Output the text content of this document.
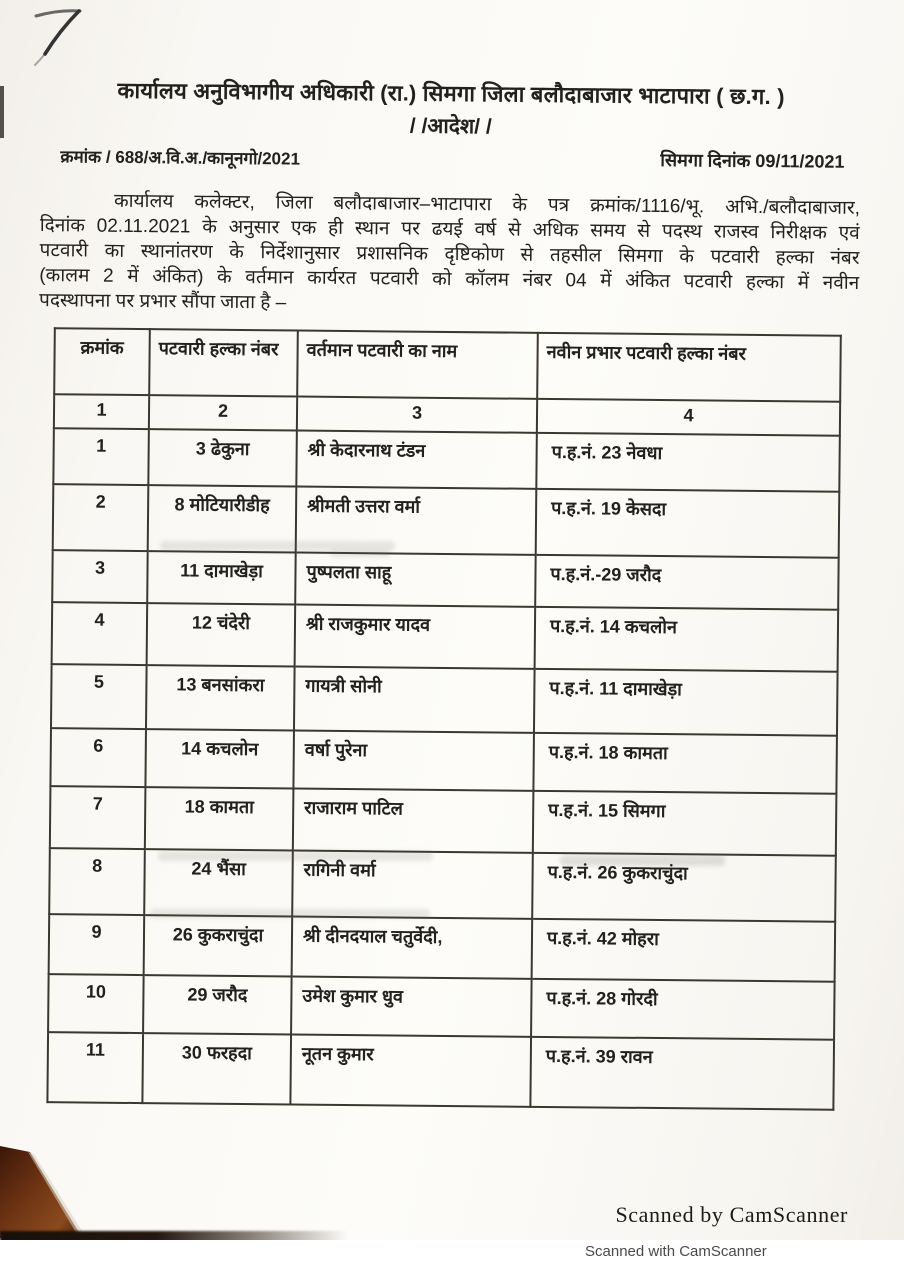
कार्यालय अनुविभागीय अधिकारी (रा.) सिमगा जिला बलौदाबाजार भाटापारा ( छ.ग. )
/ /आदेश/ /
क्रमांक / 688/अ.वि.अ./कानूनगो/2021	सिमगा दिनांक 09/11/2021
कार्यालय कलेक्टर, जिला बलौदाबाजार–भाटापारा के पत्र क्रमांक/1116/भू. अभि./बलौदाबाजार,
दिनांक 02.11.2021 के अनुसार एक ही स्थान पर ढयई वर्ष से अधिक समय से पदस्थ राजस्व निरीक्षक एवं
पटवारी का स्थानांतरण के निर्देशानुसार प्रशासनिक दृष्टिकोण से तहसील सिमगा के पटवारी हल्का नंबर
(कालम 2 में अंकित) के वर्तमान कार्यरत पटवारी को कॉलम नंबर 04 में अंकित पटवारी हल्का में नवीन
पदस्थापना पर प्रभार सौंपा जाता है –
क्रमांक	पटवारी हल्का नंबर	वर्तमान पटवारी का नाम	नवीन प्रभार पटवारी हल्का नंबर
1	2	3	4
1	3 ढेकुना	श्री केदारनाथ टंडन	प.ह.नं. 23 नेवधा
2	8 मोटियारीडीह	श्रीमती उत्तरा वर्मा	प.ह.नं. 19 केसदा
3	11 दामाखेड़ा	पुष्पलता साहू	प.ह.नं.-29 जरौद
4	12 चंदेरी	श्री राजकुमार यादव	प.ह.नं. 14 कचलोन
5	13 बनसांकरा	गायत्री सोनी	प.ह.नं. 11 दामाखेड़ा
6	14 कचलोन	वर्षा पुरेना	प.ह.नं. 18 कामता
7	18 कामता	राजाराम पाटिल	प.ह.नं. 15 सिमगा
8	24 भैंसा	रागिनी वर्मा	प.ह.नं. 26 कुकराचुंदा
9	26 कुकराचुंदा	श्री दीनदयाल चतुर्वेदी,	प.ह.नं. 42 मोहरा
10	29 जरौद	उमेश कुमार धुव	प.ह.नं. 28 गोरदी
11	30 फरहदा	नूतन कुमार	प.ह.नं. 39 रावन
Scanned by CamScanner
Scanned with CamScanner
